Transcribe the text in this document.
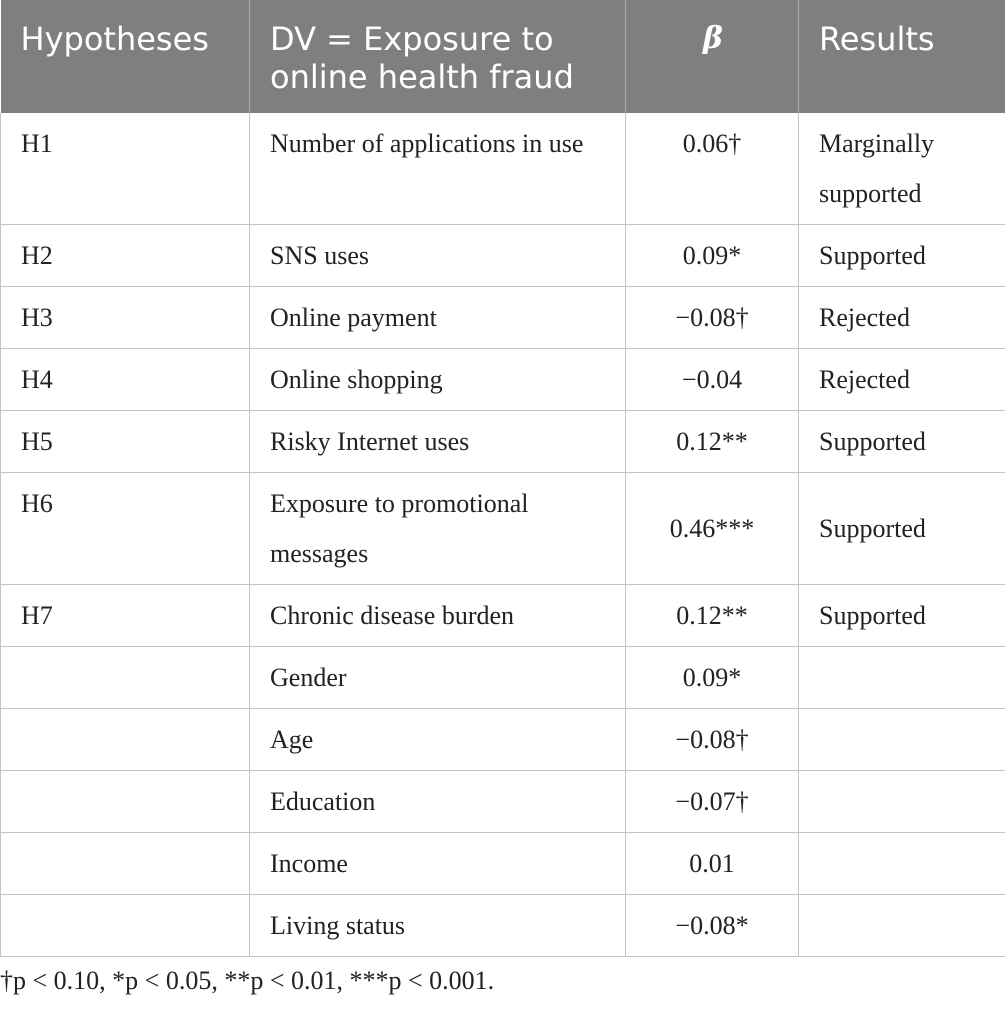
Hypotheses	DV = Exposure to online health fraud	β	Results
H1	Number of applications in use	0.06†	Marginally supported
H2	SNS uses	0.09*	Supported
H3	Online payment	−0.08†	Rejected
H4	Online shopping	−0.04	Rejected
H5	Risky Internet uses	0.12**	Supported
H6	Exposure to promotional messages	0.46***	Supported
H7	Chronic disease burden	0.12**	Supported
	Gender	0.09*	
	Age	−0.08†	
	Education	−0.07†	
	Income	0.01	
	Living status	−0.08*	
†p < 0.10, *p < 0.05, **p < 0.01, ***p < 0.001.
